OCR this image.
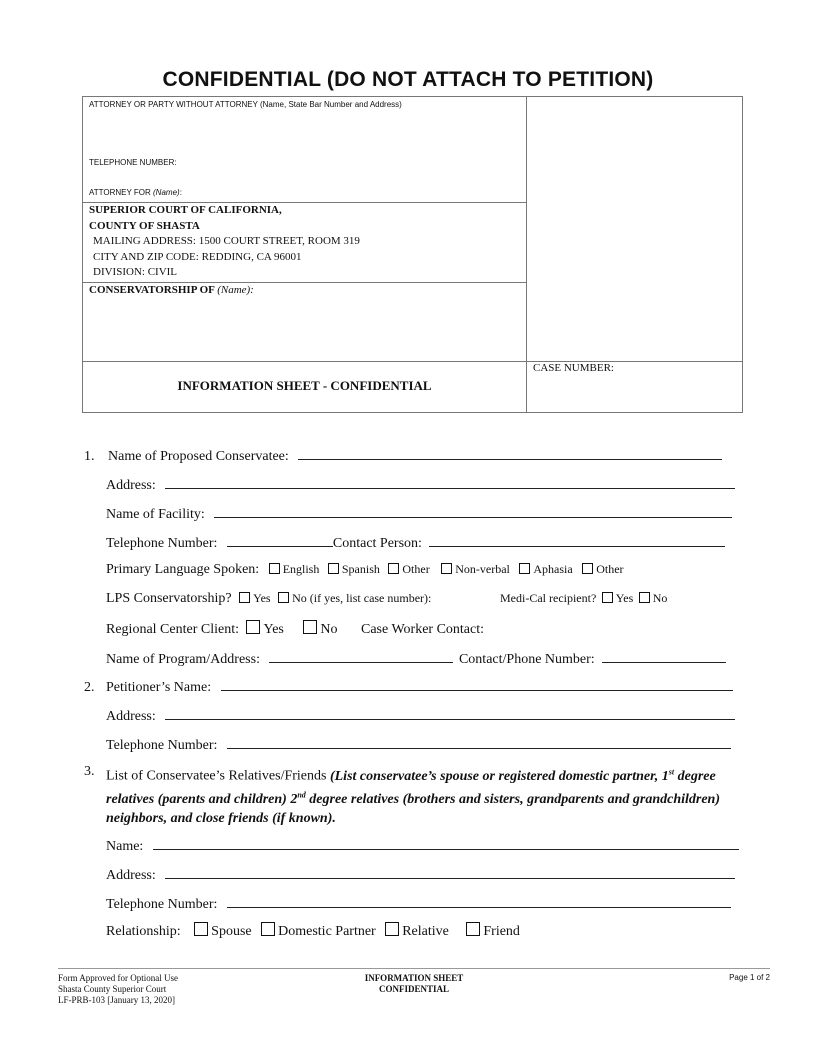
CONFIDENTIAL (DO NOT ATTACH TO PETITION)
ATTORNEY OR PARTY WITHOUT ATTORNEY (Name, State Bar Number and Address)
TELEPHONE NUMBER:
ATTORNEY FOR (Name):
SUPERIOR COURT OF CALIFORNIA,
COUNTY OF SHASTA
MAILING ADDRESS: 1500 COURT STREET, ROOM 319
CITY AND ZIP CODE: REDDING, CA 96001
DIVISION: CIVIL
CONSERVATORSHIP OF (Name):
INFORMATION SHEET - CONFIDENTIAL
CASE NUMBER:
1. Name of Proposed Conservatee:
Address:
Name of Facility:
Telephone Number:	Contact Person:
Primary Language Spoken: English Spanish Other Non-verbal Aphasia Other
LPS Conservatorship? Yes No (if yes, list case number):	Medi-Cal recipient? Yes No
Regional Center Client: Yes	No Case Worker Contact:
Name of Program/Address:	Contact/Phone Number:
2. Petitioner’s Name:
Address:
Telephone Number:
3. List of Conservatee’s Relatives/Friends (List conservatee’s spouse or registered domestic partner, 1st degree relatives (parents and children) 2nd degree relatives (brothers and sisters, grandparents and grandchildren) neighbors, and close friends (if known).
Name:
Address:
Telephone Number:
Relationship: Spouse Domestic Partner Relative Friend
Form Approved for Optional Use
Shasta County Superior Court
LF-PRB-103 [January 13, 2020]
INFORMATION SHEET
CONFIDENTIAL
Page 1 of 2
